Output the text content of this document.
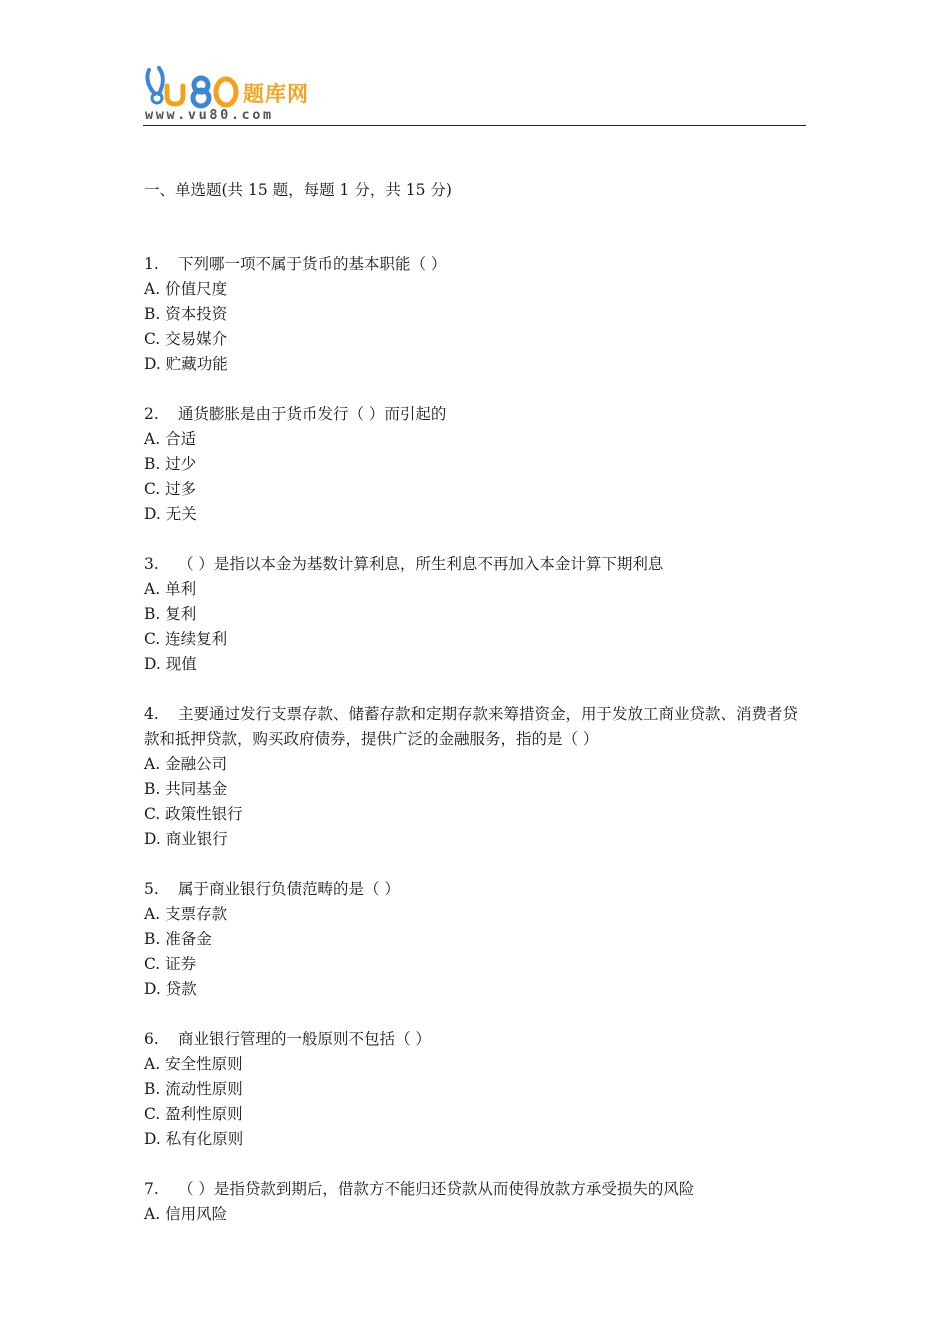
题库网
www.vu80.com

一、单选题(共 15 题，每题 1 分，共 15 分)

1. 下列哪一项不属于货币的基本职能（ ）

A. 价值尺度

B. 资本投资

C. 交易媒介

D. 贮藏功能

2. 通货膨胀是由于货币发行（ ）而引起的

A. 合适

B. 过少

C. 过多

D. 无关

3. （ ）是指以本金为基数计算利息，所生利息不再加入本金计算下期利息

A. 单利

B. 复利

C. 连续复利

D. 现值

4. 主要通过发行支票存款、储蓄存款和定期存款来筹措资金，用于发放工商业贷款、消费者贷款和抵押贷款，购买政府债券，提供广泛的金融服务，指的是（ ）

A. 金融公司

B. 共同基金

C. 政策性银行

D. 商业银行

5. 属于商业银行负债范畴的是（ ）

A. 支票存款

B. 准备金

C. 证券

D. 贷款

6. 商业银行管理的一般原则不包括（ ）

A. 安全性原则

B. 流动性原则

C. 盈利性原则

D. 私有化原则

7. （ ）是指贷款到期后，借款方不能归还贷款从而使得放款方承受损失的风险

A. 信用风险
